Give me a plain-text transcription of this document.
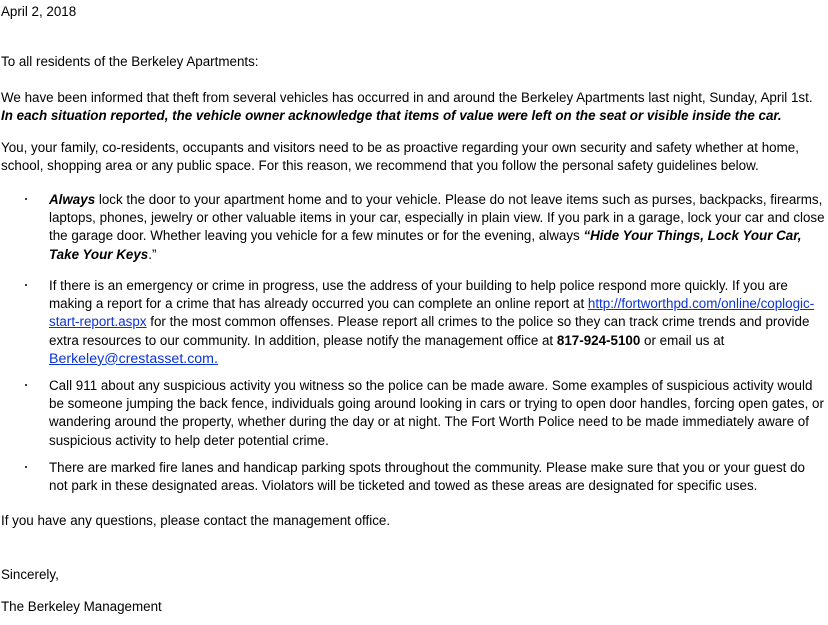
April 2, 2018

To all residents of the Berkeley Apartments:

We have been informed that theft from several vehicles has occurred in and around the Berkeley Apartments last night, Sunday, April 1st. In each situation reported, the vehicle owner acknowledge that items of value were left on the seat or visible inside the car.

You, your family, co-residents, occupants and visitors need to be as proactive regarding your own security and safety whether at home, school, shopping area or any public space. For this reason, we recommend that you follow the personal safety guidelines below.

Always lock the door to your apartment home and to your vehicle. Please do not leave items such as purses, backpacks, firearms, laptops, phones, jewelry or other valuable items in your car, especially in plain view. If you park in a garage, lock your car and close the garage door. Whether leaving you vehicle for a few minutes or for the evening, always “Hide Your Things, Lock Your Car, Take Your Keys.”

If there is an emergency or crime in progress, use the address of your building to help police respond more quickly. If you are making a report for a crime that has already occurred you can complete an online report at http://fortworthpd.com/online/coplogic-start-report.aspx for the most common offenses. Please report all crimes to the police so they can track crime trends and provide extra resources to our community. In addition, please notify the management office at 817-924-5100 or email us at Berkeley@crestasset.com.

Call 911 about any suspicious activity you witness so the police can be made aware. Some examples of suspicious activity would be someone jumping the back fence, individuals going around looking in cars or trying to open door handles, forcing open gates, or wandering around the property, whether during the day or at night. The Fort Worth Police need to be made immediately aware of suspicious activity to help deter potential crime.

There are marked fire lanes and handicap parking spots throughout the community. Please make sure that you or your guest do not park in these designated areas. Violators will be ticketed and towed as these areas are designated for specific uses.

If you have any questions, please contact the management office.

Sincerely,

The Berkeley Management
